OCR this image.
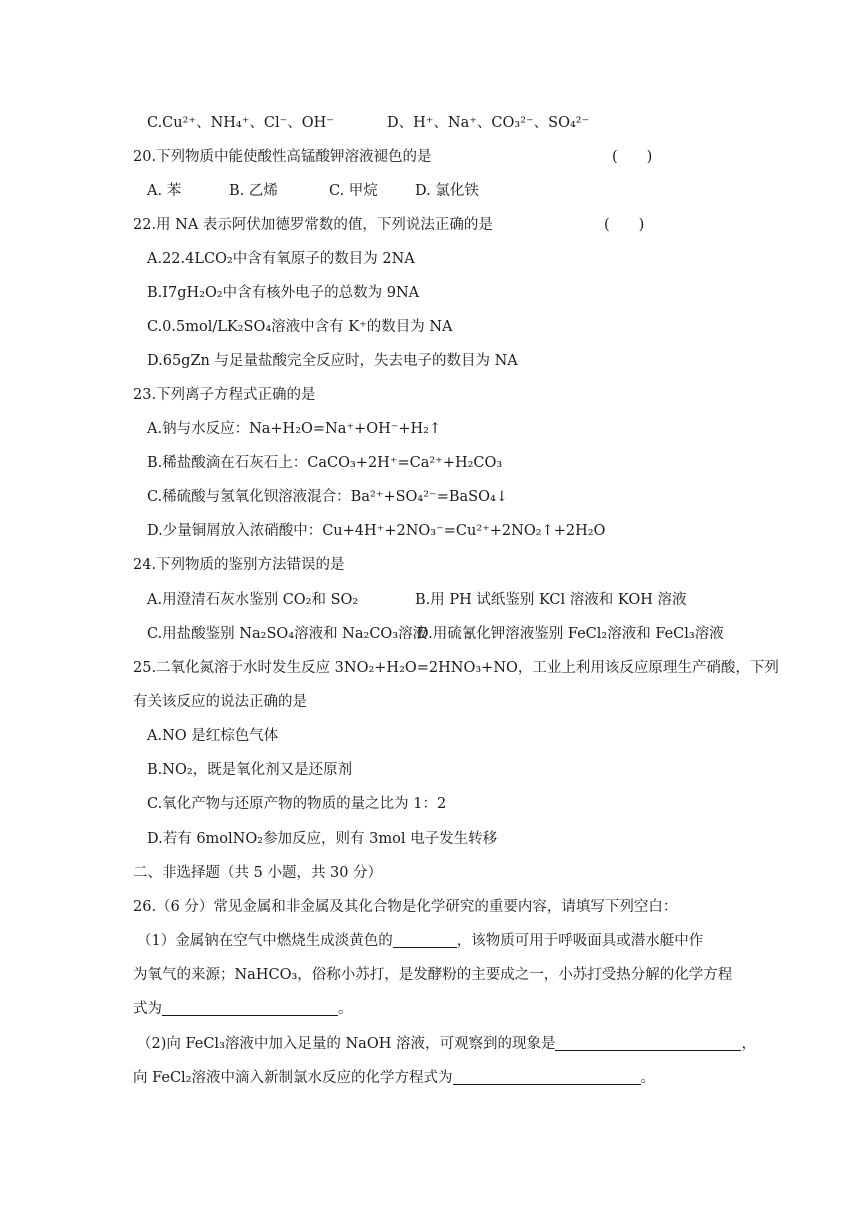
C.Cu²⁺、NH₄⁺、Cl⁻、OH⁻	D、H⁺、Na⁺、CO₃²⁻、SO₄²⁻
20.下列物质中能使酸性高锰酸钾溶液褪色的是	(　　)
A. 苯	B. 乙烯	C. 甲烷	D. 氯化铁
22.用 NA 表示阿伏加德罗常数的值，下列说法正确的是	(　　)
A.22.4LCO₂中含有氧原子的数目为 2NA
B.I7gH₂O₂中含有核外电子的总数为 9NA
C.0.5mol/LK₂SO₄溶液中含有 K⁺的数目为 NA
D.65gZn 与足量盐酸完全反应时，失去电子的数目为 NA
23.下列离子方程式正确的是
A.钠与水反应：Na+H₂O=Na⁺+OH⁻+H₂↑
B.稀盐酸滴在石灰石上：CaCO₃+2H⁺=Ca²⁺+H₂CO₃
C.稀硫酸与氢氧化钡溶液混合：Ba²⁺+SO₄²⁻=BaSO₄↓
D.少量铜屑放入浓硝酸中：Cu+4H⁺+2NO₃⁻=Cu²⁺+2NO₂↑+2H₂O
24.下列物质的鉴别方法错误的是
A.用澄清石灰水鉴别 CO₂和 SO₂	B.用 PH 试纸鉴别 KCl 溶液和 KOH 溶液
C.用盐酸鉴别 Na₂SO₄溶液和 Na₂CO₃溶液
D.用硫氰化钾溶液鉴别 FeCl₂溶液和 FeCl₃溶液
25.二氧化氮溶于水时发生反应 3NO₂+H₂O=2HNO₃+NO，工业上利用该反应原理生产硝酸，下列
有关该反应的说法正确的是
A.NO 是红棕色气体
B.NO₂，既是氧化剂又是还原剂
C.氧化产物与还原产物的物质的量之比为 1：2
D.若有 6molNO₂参加反应，则有 3mol 电子发生转移
二、非选择题（共 5 小题，共 30 分）
26.（6 分）常见金属和非金属及其化合物是化学研究的重要内容，请填写下列空白：
（1）金属钠在空气中燃烧生成淡黄色的	，该物质可用于呼吸面具或潜水艇中作
为氧气的来源；NaHCO₃，俗称小苏打，是发酵粉的主要成之一，小苏打受热分解的化学方程
式为	。
（2)向 FeCl₃溶液中加入足量的 NaOH 溶液，可观察到的现象是	，
向 FeCl₂溶液中滴入新制氯水反应的化学方程式为	。
